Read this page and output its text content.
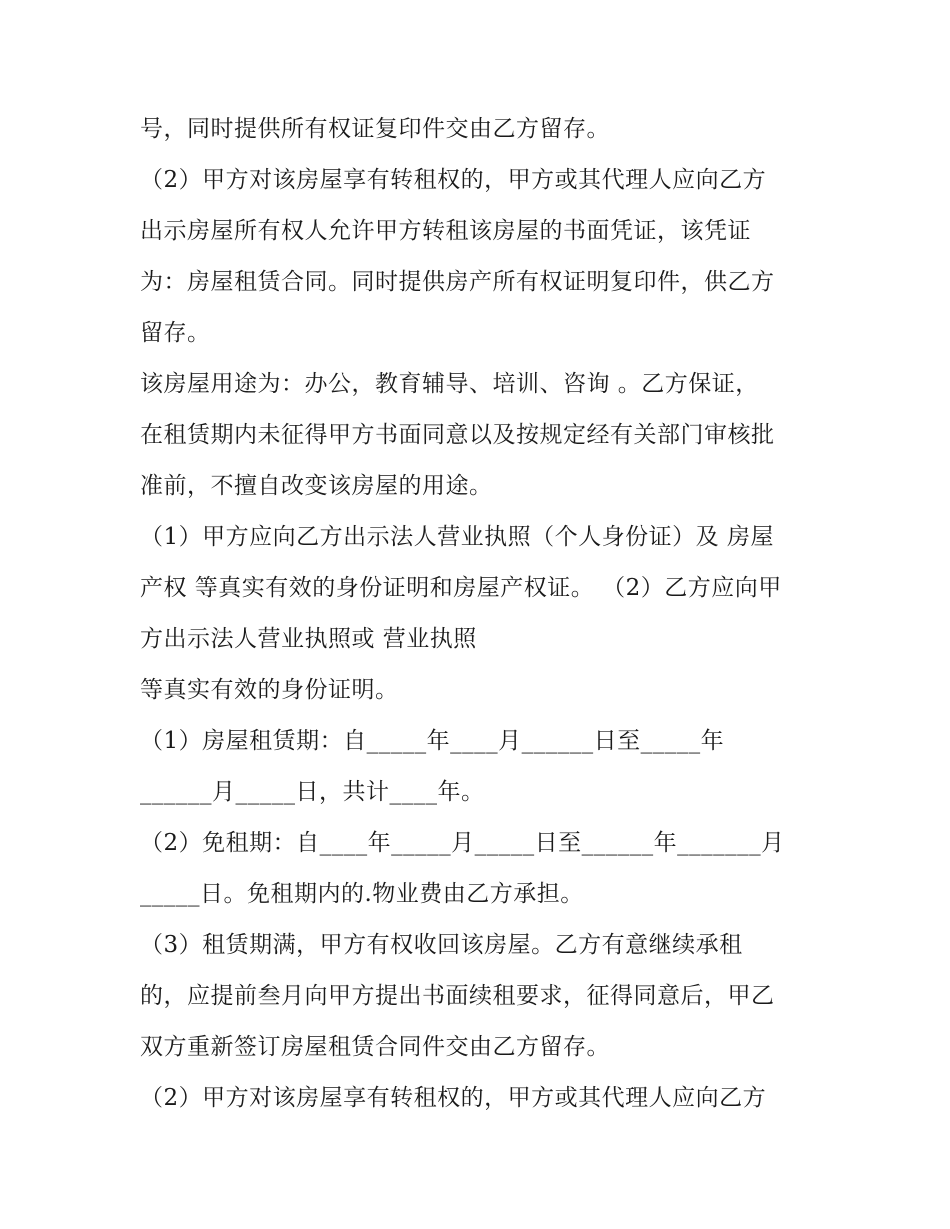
号，同时提供所有权证复印件交由乙方留存。
（2）甲方对该房屋享有转租权的，甲方或其代理人应向乙方
出示房屋所有权人允许甲方转租该房屋的书面凭证，该凭证
为：房屋租赁合同。同时提供房产所有权证明复印件，供乙方
留存。
该房屋用途为：办公，教育辅导、培训、咨询 。乙方保证，
在租赁期内未征得甲方书面同意以及按规定经有关部门审核批
准前，不擅自改变该房屋的用途。
（1）甲方应向乙方出示法人营业执照（个人身份证）及 房屋
产权 等真实有效的身份证明和房屋产权证。 （2）乙方应向甲
方出示法人营业执照或 营业执照
等真实有效的身份证明。
（1）房屋租赁期：自_____年____月______日至_____年
______月_____日，共计____年。
（2）免租期：自____年_____月_____日至______年_______月
_____日。免租期内的.物业费由乙方承担。
（3）租赁期满，甲方有权收回该房屋。乙方有意继续承租
的，应提前叁月向甲方提出书面续租要求，征得同意后，甲乙
双方重新签订房屋租赁合同件交由乙方留存。
（2）甲方对该房屋享有转租权的，甲方或其代理人应向乙方
